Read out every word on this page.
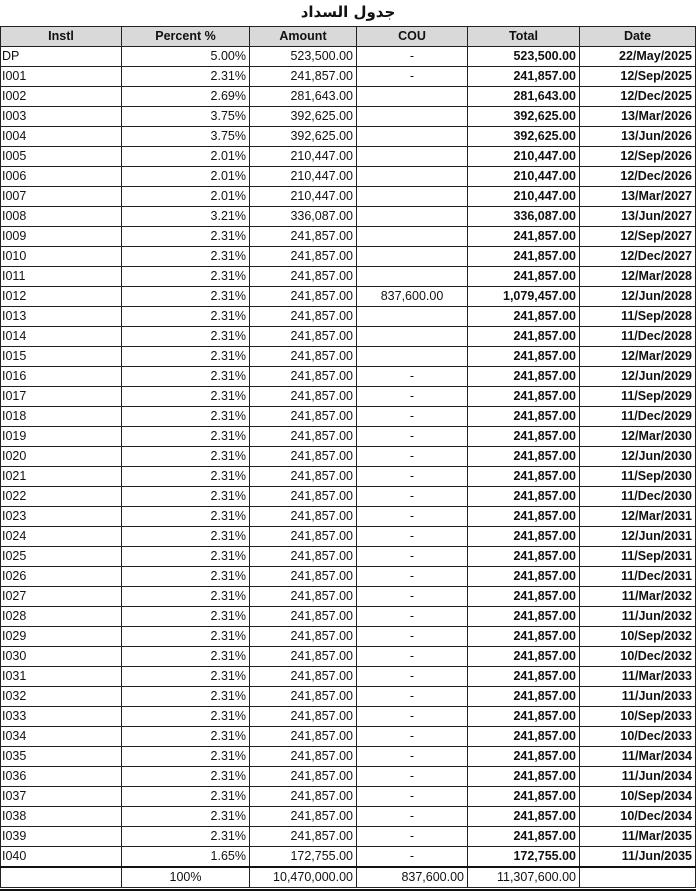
جدول السداد
Instl	Percent %	Amount	COU	Total	Date
DP	5.00%	523,500.00	-	523,500.00	22/May/2025
I001	2.31%	241,857.00	-	241,857.00	12/Sep/2025
I002	2.69%	281,643.00		281,643.00	12/Dec/2025
I003	3.75%	392,625.00		392,625.00	13/Mar/2026
I004	3.75%	392,625.00		392,625.00	13/Jun/2026
I005	2.01%	210,447.00		210,447.00	12/Sep/2026
I006	2.01%	210,447.00		210,447.00	12/Dec/2026
I007	2.01%	210,447.00		210,447.00	13/Mar/2027
I008	3.21%	336,087.00		336,087.00	13/Jun/2027
I009	2.31%	241,857.00		241,857.00	12/Sep/2027
I010	2.31%	241,857.00		241,857.00	12/Dec/2027
I011	2.31%	241,857.00		241,857.00	12/Mar/2028
I012	2.31%	241,857.00	837,600.00	1,079,457.00	12/Jun/2028
I013	2.31%	241,857.00		241,857.00	11/Sep/2028
I014	2.31%	241,857.00		241,857.00	11/Dec/2028
I015	2.31%	241,857.00		241,857.00	12/Mar/2029
I016	2.31%	241,857.00	-	241,857.00	12/Jun/2029
I017	2.31%	241,857.00	-	241,857.00	11/Sep/2029
I018	2.31%	241,857.00	-	241,857.00	11/Dec/2029
I019	2.31%	241,857.00	-	241,857.00	12/Mar/2030
I020	2.31%	241,857.00	-	241,857.00	12/Jun/2030
I021	2.31%	241,857.00	-	241,857.00	11/Sep/2030
I022	2.31%	241,857.00	-	241,857.00	11/Dec/2030
I023	2.31%	241,857.00	-	241,857.00	12/Mar/2031
I024	2.31%	241,857.00	-	241,857.00	12/Jun/2031
I025	2.31%	241,857.00	-	241,857.00	11/Sep/2031
I026	2.31%	241,857.00	-	241,857.00	11/Dec/2031
I027	2.31%	241,857.00	-	241,857.00	11/Mar/2032
I028	2.31%	241,857.00	-	241,857.00	11/Jun/2032
I029	2.31%	241,857.00	-	241,857.00	10/Sep/2032
I030	2.31%	241,857.00	-	241,857.00	10/Dec/2032
I031	2.31%	241,857.00	-	241,857.00	11/Mar/2033
I032	2.31%	241,857.00	-	241,857.00	11/Jun/2033
I033	2.31%	241,857.00	-	241,857.00	10/Sep/2033
I034	2.31%	241,857.00	-	241,857.00	10/Dec/2033
I035	2.31%	241,857.00	-	241,857.00	11/Mar/2034
I036	2.31%	241,857.00	-	241,857.00	11/Jun/2034
I037	2.31%	241,857.00	-	241,857.00	10/Sep/2034
I038	2.31%	241,857.00	-	241,857.00	10/Dec/2034
I039	2.31%	241,857.00	-	241,857.00	11/Mar/2035
I040	1.65%	172,755.00	-	172,755.00	11/Jun/2035
	100%	10,470,000.00	837,600.00	11,307,600.00	
